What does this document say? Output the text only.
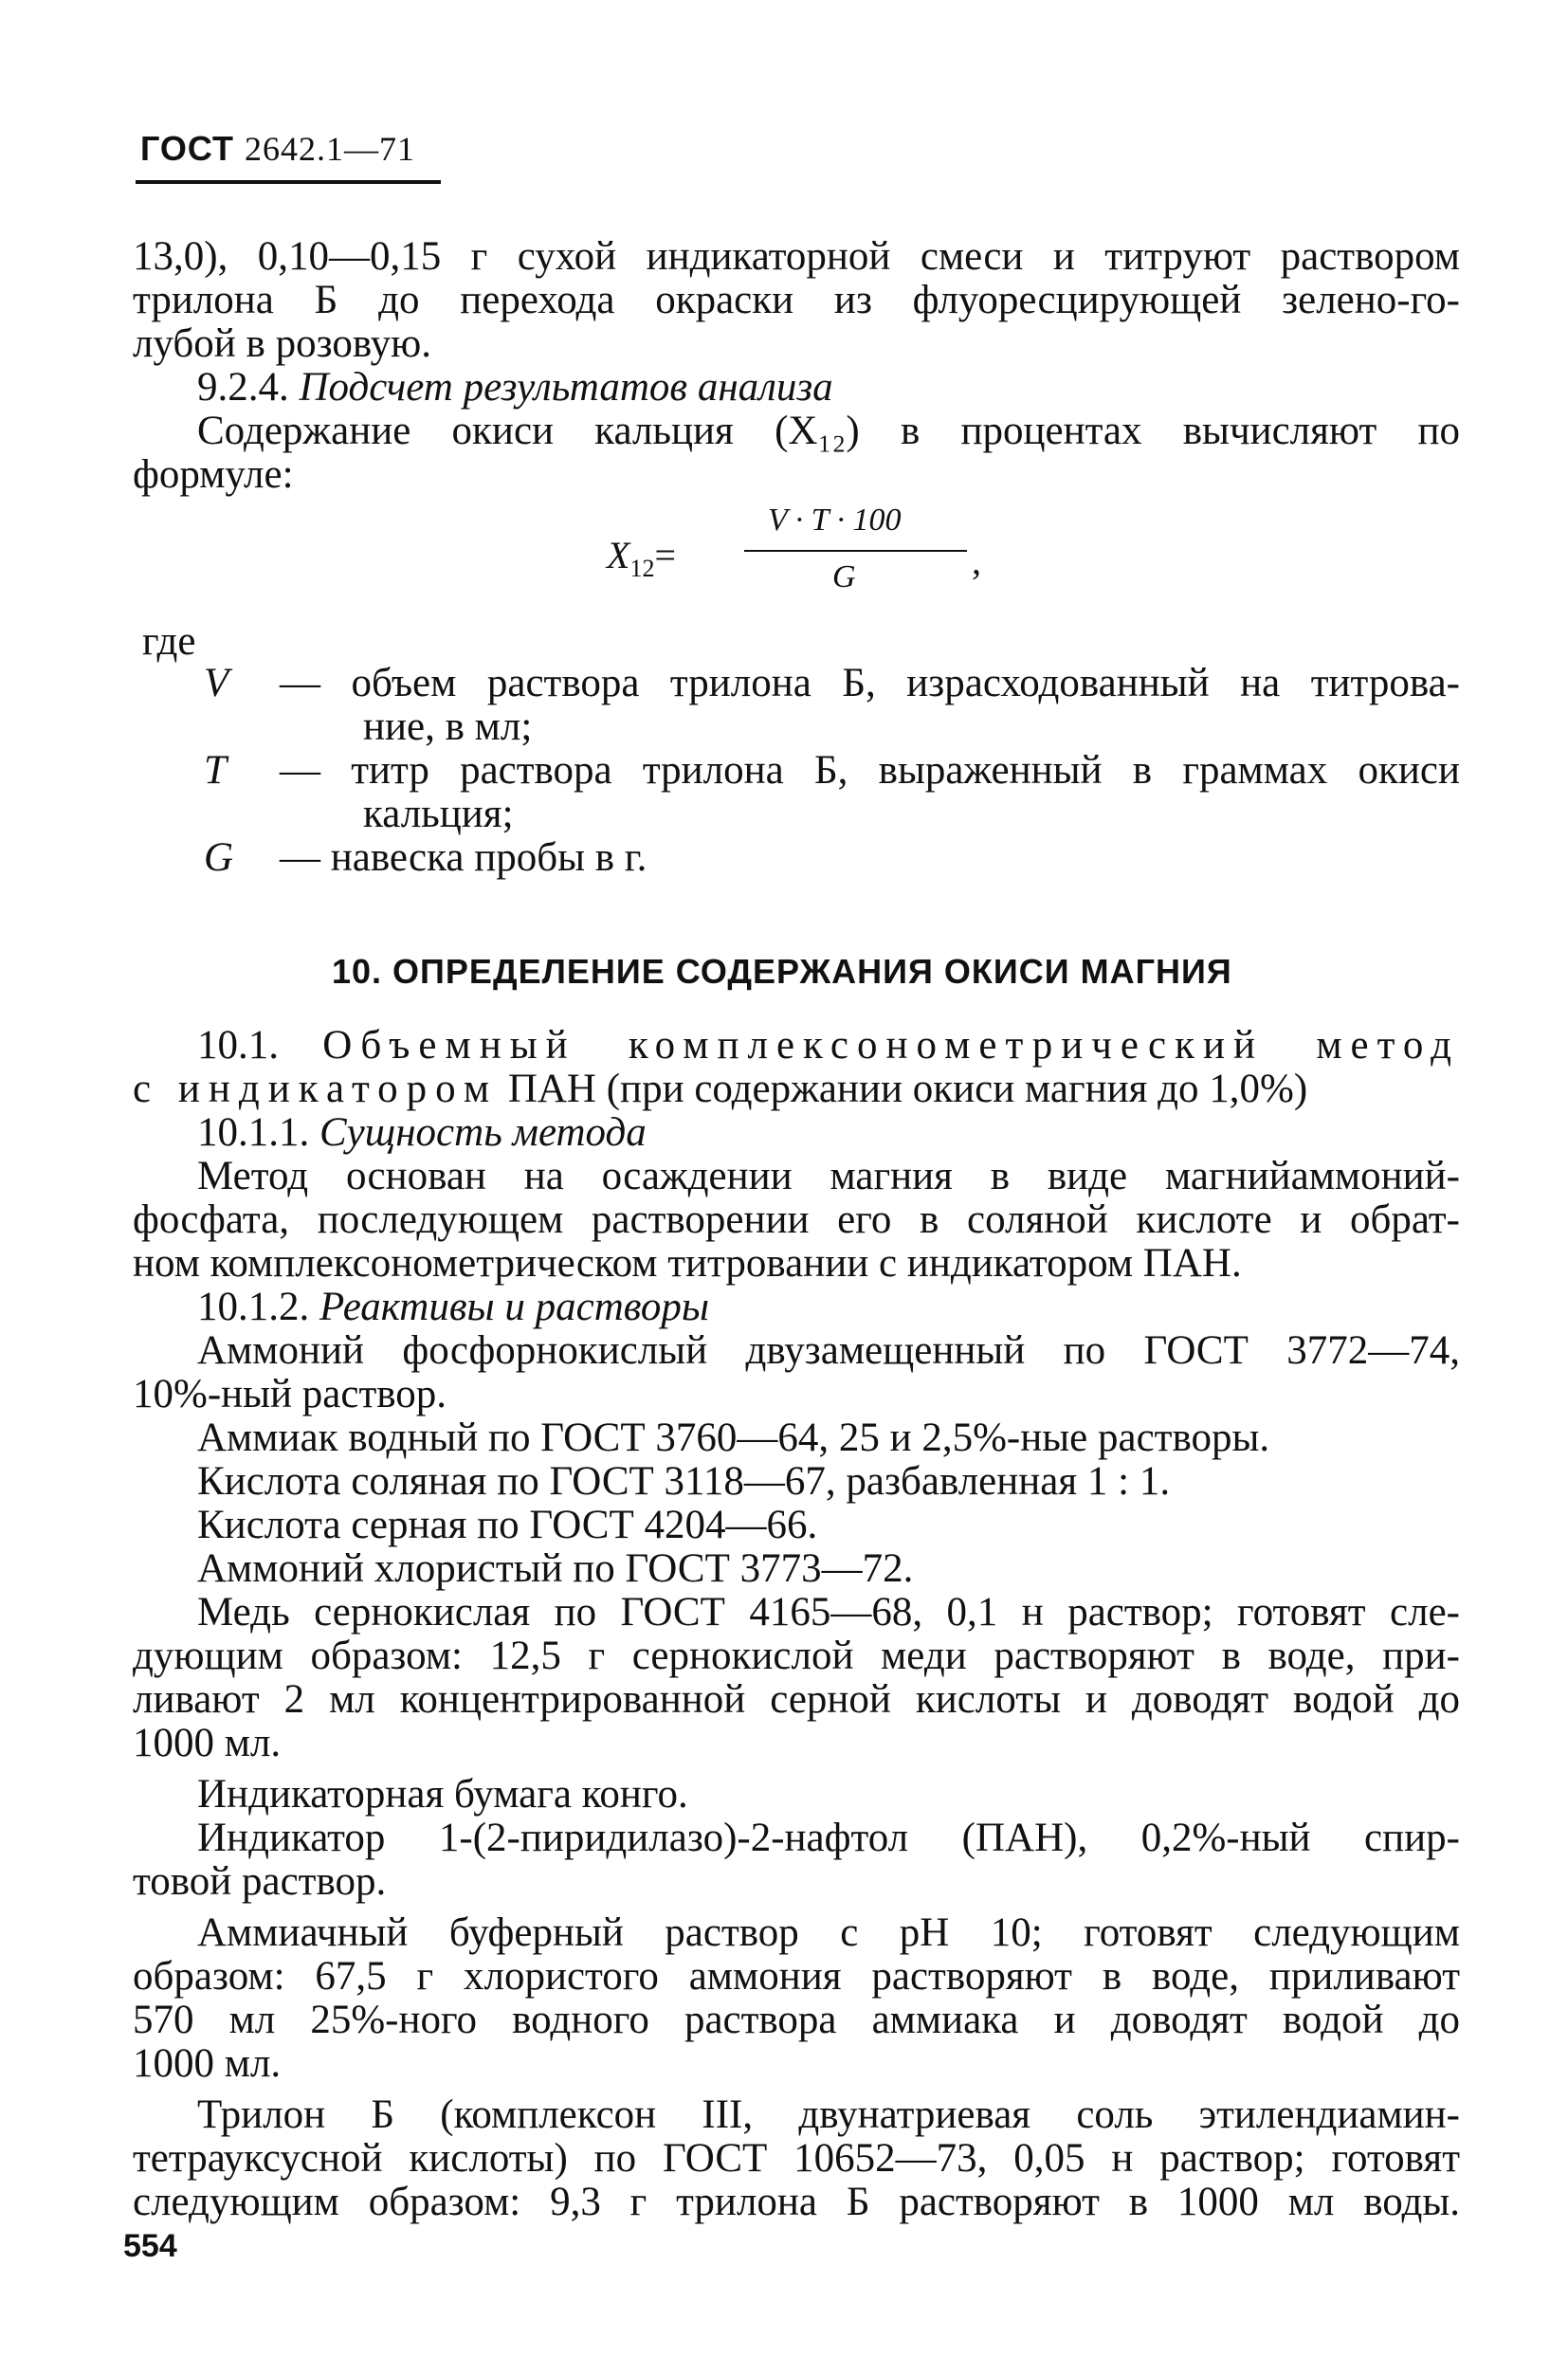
ГОСТ 2642.1—71
13,0), 0,10—0,15 г сухой индикаторной смеси и титруют раствором
трилона Б до перехода окраски из флуоресцирующей зелено-го-
лубой в розовую.
9.2.4. Подсчет результатов анализа
Содержание окиси кальция (X₁₂) в процентах вычисляют по
формуле:
$X_{12}=$
V · T · 100
G	,
где
V	— объем раствора трилона Б, израсходованный на титрова-
ние, в мл;
T	— титр раствора трилона Б, выраженный в граммах окиси
кальция;
G	— навеска пробы в г.
10. ОПРЕДЕЛЕНИЕ СОДЕРЖАНИЯ ОКИСИ МАГНИЯ
10.1. Объемный комплексонометрический метод
с индикатором ПАН (при содержании окиси магния до 1,0%)
10.1.1. Сущность метода
Метод основан на осаждении магния в виде магнийаммоний-
фосфата, последующем растворении его в соляной кислоте и обрат-
ном комплексонометрическом титровании с индикатором ПАН.
10.1.2. Реактивы и растворы
Аммоний фосфорнокислый двузамещенный по ГОСТ 3772—74,
10%-ный раствор.
Аммиак водный по ГОСТ 3760—64, 25 и 2,5%-ные растворы.
Кислота соляная по ГОСТ 3118—67, разбавленная 1 : 1.
Кислота серная по ГОСТ 4204—66.
Аммоний хлористый по ГОСТ 3773—72.
Медь сернокислая по ГОСТ 4165—68, 0,1 н раствор; готовят сле-
дующим образом: 12,5 г сернокислой меди растворяют в воде, при-
ливают 2 мл концентрированной серной кислоты и доводят водой до
1000 мл.
Индикаторная бумага конго.
Индикатор 1-(2-пиридилазо)-2-нафтол (ПАН), 0,2%-ный спир-
товой раствор.
Аммиачный буферный раствор с pH 10; готовят следующим
образом: 67,5 г хлористого аммония растворяют в воде, приливают
570 мл 25%-ного водного раствора аммиака и доводят водой до
1000 мл.
Трилон Б (комплексон III, двунатриевая соль этилендиамин-
тетрауксусной кислоты) по ГОСТ 10652—73, 0,05 н раствор; готовят
следующим образом: 9,3 г трилона Б растворяют в 1000 мл воды.
554
